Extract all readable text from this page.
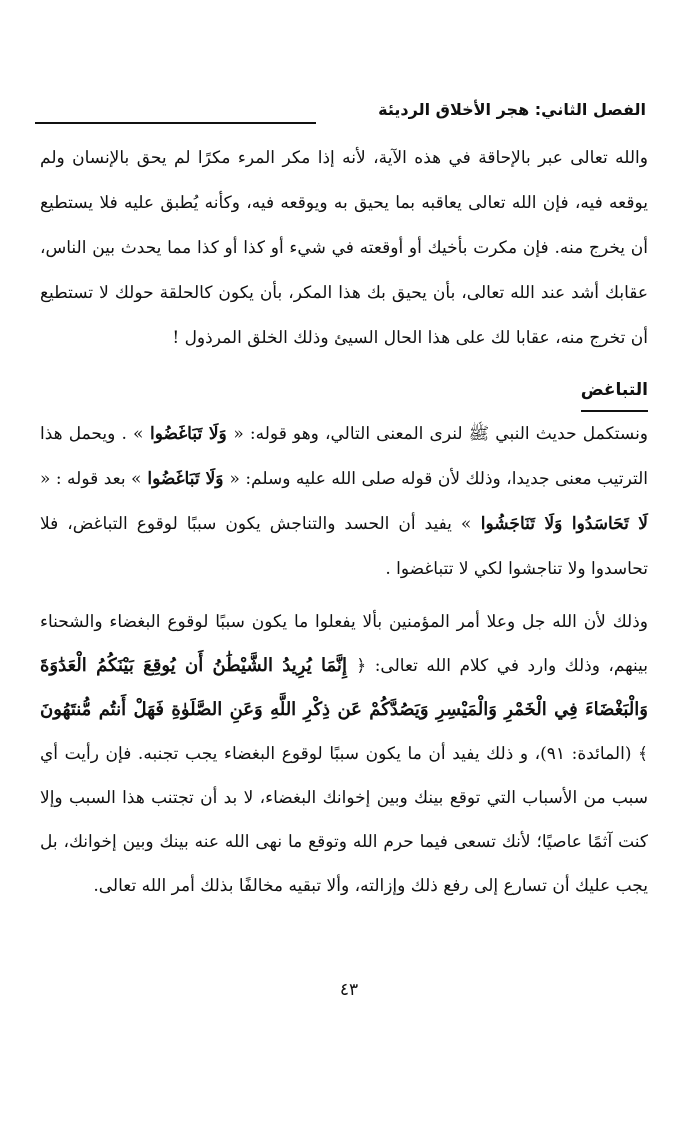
الفصل الثاني: هجر الأخلاق الرديئة

والله تعالى عبر بالإحاقة في هذه الآية، لأنه إذا مكر المرء مكرًا لم يحق بالإنسان ولم يوقعه فيه، فإن الله تعالى يعاقبه بما يحيق به ويوقعه فيه، وكأنه يُطبق عليه فلا يستطيع أن يخرج منه. فإن مكرت بأخيك أو أوقعته في شيء أو كذا أو كذا مما يحدث بين الناس، عقابك أشد عند الله تعالى، بأن يحيق بك هذا المكر، بأن يكون كالحلقة حولك لا تستطيع أن تخرج منه، عقابا لك على هذا الحال السيئ وذلك الخلق المرذول !

التباغض

ونستكمل حديث النبي ﷺ لنرى المعنى التالي، وهو قوله: « وَلَا تَبَاغَضُوا » . ويحمل هذا الترتيب معنى جديدا، وذلك لأن قوله صلى الله عليه وسلم: « وَلَا تَبَاغَضُوا » بعد قوله : « لَا تَحَاسَدُوا وَلَا تَنَاجَشُوا » يفيد أن الحسد والتناجش يكون سببًا لوقوع التباغض، فلا تحاسدوا ولا تناجشوا لكي لا تتباغضوا .

وذلك لأن الله جل وعلا أمر المؤمنين بألا يفعلوا ما يكون سببًا لوقوع البغضاء والشحناء بينهم، وذلك وارد في كلام الله تعالى: ﴿ إِنَّمَا يُرِيدُ الشَّيْطَٰنُ أَن يُوقِعَ بَيْنَكُمُ الْعَدَٰوَةَ وَالْبَغْضَاءَ فِي الْخَمْرِ وَالْمَيْسِرِ وَيَصُدَّكُمْ عَن ذِكْرِ اللَّهِ وَعَنِ الصَّلَوٰةِ فَهَلْ أَنتُم مُّنتَهُونَ ﴾ (المائدة: ٩١)، و ذلك يفيد أن ما يكون سببًا لوقوع البغضاء يجب تجنبه. فإن رأيت أي سبب من الأسباب التي توقع بينك وبين إخوانك البغضاء، لا بد أن تجتنب هذا السبب وإلا كنت آثمًا عاصيًا؛ لأنك تسعى فيما حرم الله وتوقع ما نهى الله عنه بينك وبين إخوانك، بل يجب عليك أن تسارع إلى رفع ذلك وإزالته، وألا تبقيه مخالفًا بذلك أمر الله تعالى.

٤٣
